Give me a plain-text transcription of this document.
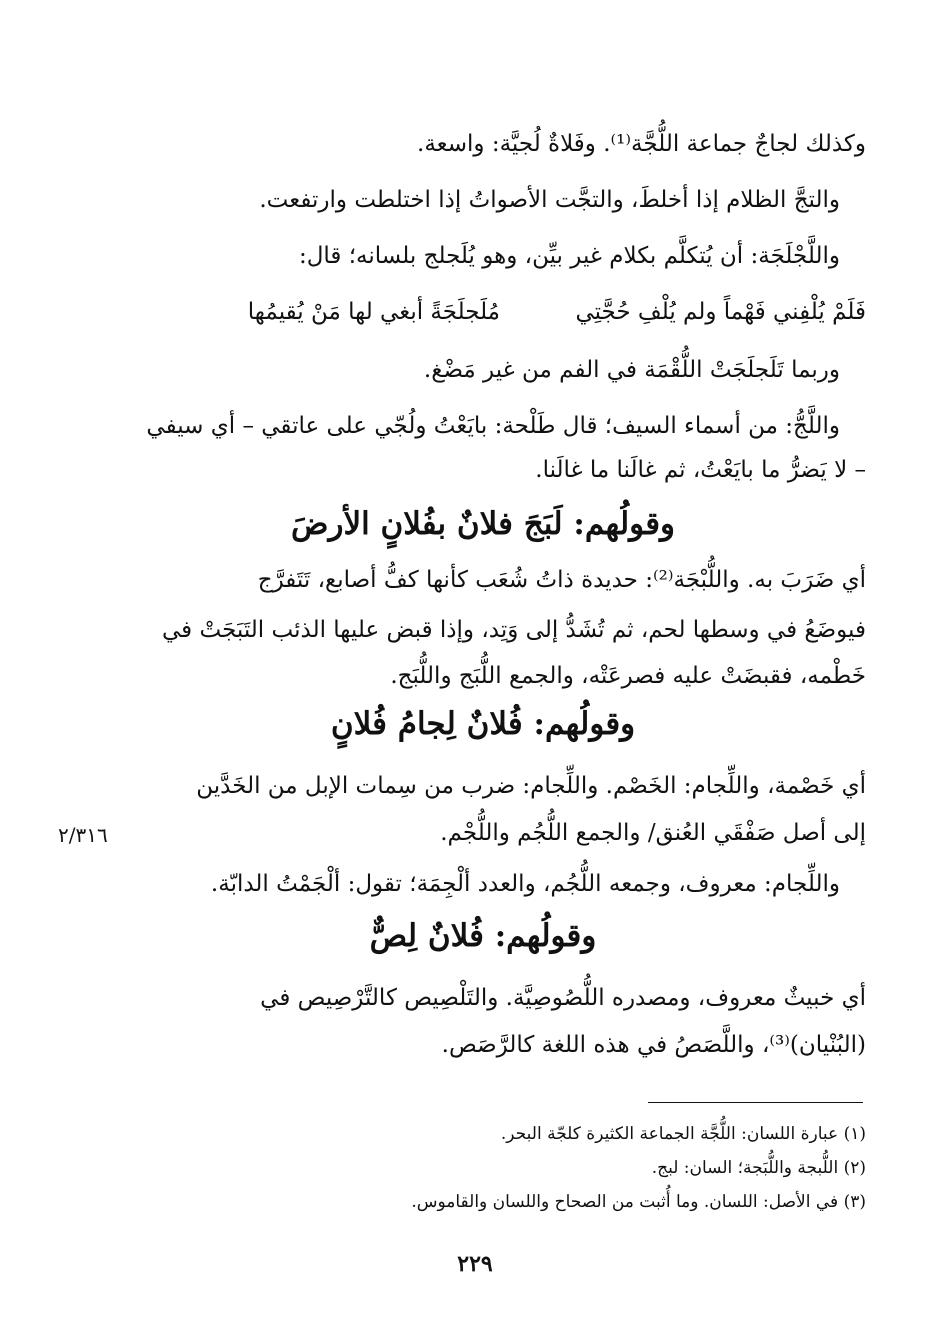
وكذلك لجاجٌ جماعة اللُّجَّة⁽¹⁾. وفَلاةٌ لُجيَّة: واسعة.
والتجَّ الظلام إذا أخلطَ، والتجَّت الأصواتُ إذا اختلطت وارتفعت.
واللَّجْلَجَة: أن يُتكلَّم بكلام غير بيِّن، وهو يُلَجلج بلسانه؛ قال:
فَلَمْ يُلْفِني فَهْماً ولم يُلْفِ حُجَّتِي
مُلَجلَجَةً أبغي لها مَنْ يُقيمُها
وربما تَلَجلَجَتْ اللُّقْمَة في الفم من غير مَضْغ.
واللَّجُّ: من أسماء السيف؛ قال طَلْحة: بايَعْتُ ولُجّي على عاتقي – أي سيفي
– لا يَضرُّ ما بايَعْتُ، ثم غالَنا ما غالَنا.
وقولُهم: لَبَجَ فلانٌ بفُلانٍ الأرضَ
أي ضَرَبَ به. واللُّبْجَة⁽²⁾: حديدة ذاتُ شُعَب كأنها كفُّ أصابع، تَتَفرَّج
فيوضَعُ في وسطها لحم، ثم تُشَدُّ إلى وَتِد، وإذا قبض عليها الذئب التَبَجَتْ في
خَطْمه، فقبضَتْ عليه فصرعَتْه، والجمع اللُّبَج واللُّبَج.
وقولُهم: فُلانٌ لِجامُ فُلانٍ
أي خَصْمة، واللِّجام: الخَصْم. واللِّجام: ضرب من سِمات الإبل من الخَدَّين
إلى أصل صَفْقَي العُنق/ والجمع اللُّجُم واللُّجْم.
واللِّجام: معروف، وجمعه اللُّجُم، والعدد ألْجِمَة؛ تقول: ألْجَمْتُ الدابّة.
٢/٣١٦
وقولُهم: فُلانٌ لِصٌّ
أي خبيثٌ معروف، ومصدره اللُّصُوصِيَّة. والتَلْصِيص كالتَّرْصِيص في
(البُنْيان)⁽³⁾، واللَّصَصُ في هذه اللغة كالرَّصَص.
(١) عبارة اللسان: اللُّجَّة الجماعة الكثيرة كلجّة البحر.
(٢) اللُّبجة واللُّبَجة؛ السان: لبج.
(٣) في الأصل: اللسان. وما أُثبت من الصحاح واللسان والقاموس.
٢٢٩
